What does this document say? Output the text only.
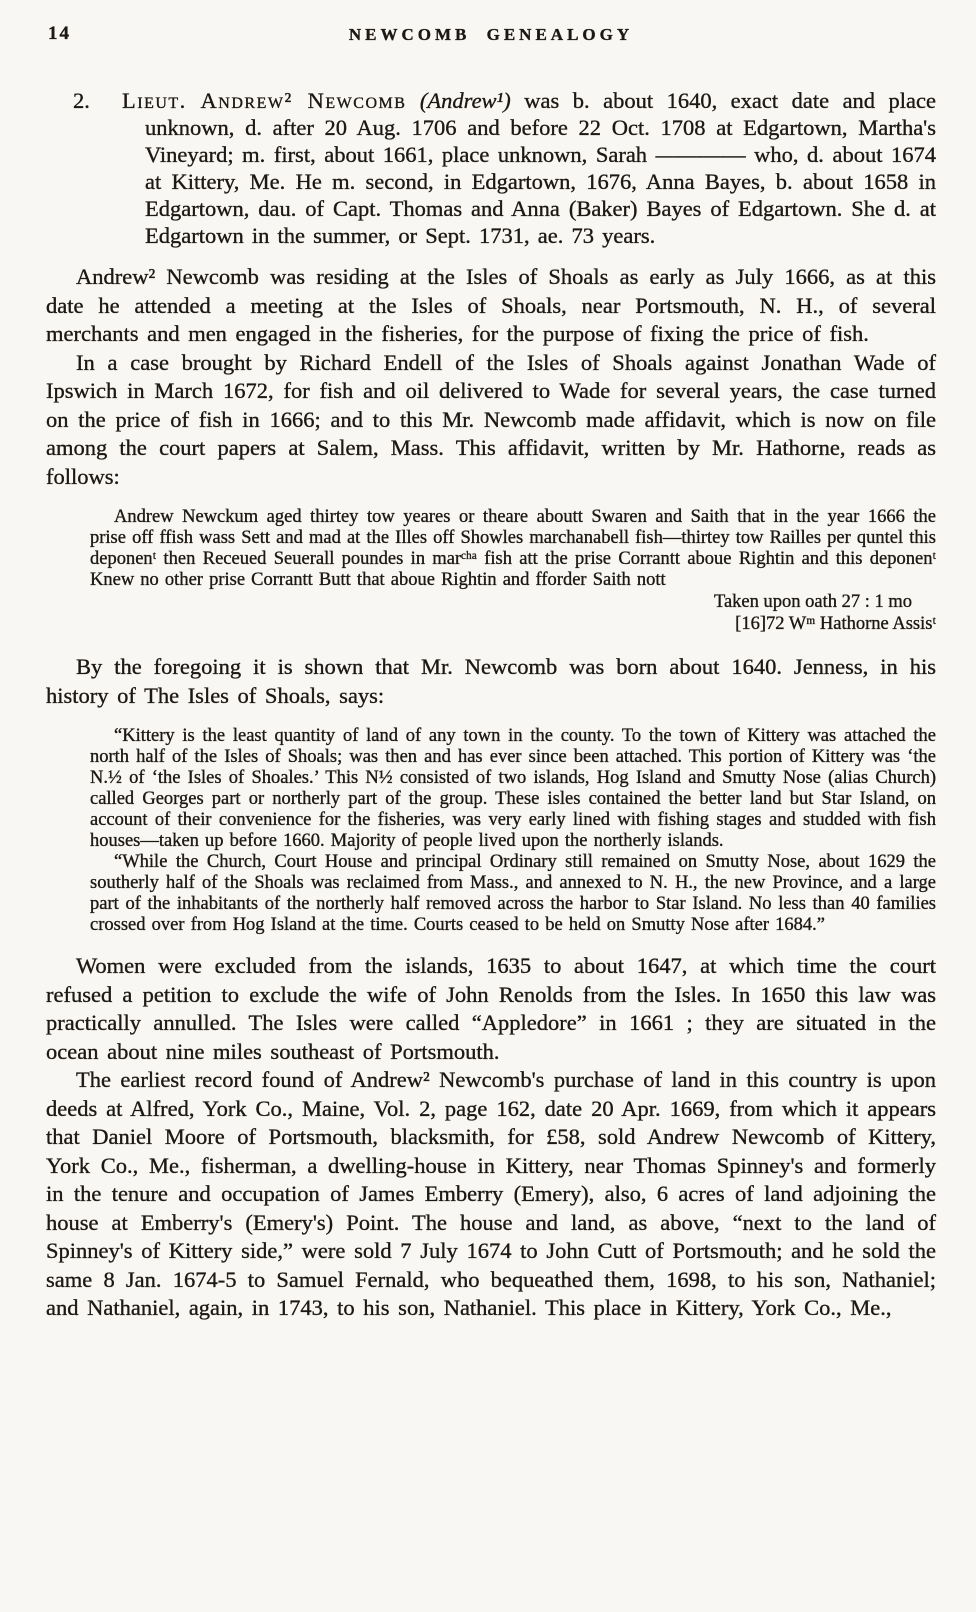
14	NEWCOMB GENEALOGY

2. Lieut. Andrew² Newcomb (Andrew¹) was b. about 1640, exact date and place unknown, d. after 20 Aug. 1706 and before 22 Oct. 1708 at Edgartown, Martha's Vineyard; m. first, about 1661, place unknown, Sarah ———— who, d. about 1674 at Kittery, Me. He m. second, in Edgartown, 1676, Anna Bayes, b. about 1658 in Edgartown, dau. of Capt. Thomas and Anna (Baker) Bayes of Edgartown. She d. at Edgartown in the summer, or Sept. 1731, ae. 73 years.

Andrew² Newcomb was residing at the Isles of Shoals as early as July 1666, as at this date he attended a meeting at the Isles of Shoals, near Portsmouth, N. H., of several merchants and men engaged in the fisheries, for the purpose of fixing the price of fish.

In a case brought by Richard Endell of the Isles of Shoals against Jonathan Wade of Ipswich in March 1672, for fish and oil delivered to Wade for several years, the case turned on the price of fish in 1666; and to this Mr. Newcomb made affidavit, which is now on file among the court papers at Salem, Mass. This affidavit, written by Mr. Hathorne, reads as follows:

Andrew Newckum aged thirtey tow yeares or theare aboutt Swaren and Saith that in the year 1666 the prise off ffish wass Sett and mad at the Illes off Showles marchanabell fish—thirtey tow Railles per quntel this deponenᵗ then Receued Seuerall poundes in marᶜʰᵃ fish att the prise Corrantt aboue Rightin and this deponenᵗ Knew no other prise Corrantt Butt that aboue Rightin and fforder Saith nott
Taken upon oath 27 : 1 mo
[16]72 Wᵐ Hathorne Assisᵗ

By the foregoing it is shown that Mr. Newcomb was born about 1640. Jenness, in his history of The Isles of Shoals, says:

“Kittery is the least quantity of land of any town in the county. To the town of Kittery was attached the north half of the Isles of Shoals; was then and has ever since been attached. This portion of Kittery was ‘the N.½ of ‘the Isles of Shoales.’ This N½ consisted of two islands, Hog Island and Smutty Nose (alias Church) called Georges part or northerly part of the group. These isles contained the better land but Star Island, on account of their convenience for the fisheries, was very early lined with fishing stages and studded with fish houses—taken up before 1660. Majority of people lived upon the northerly islands.
“While the Church, Court House and principal Ordinary still remained on Smutty Nose, about 1629 the southerly half of the Shoals was reclaimed from Mass., and annexed to N. H., the new Province, and a large part of the inhabitants of the northerly half removed across the harbor to Star Island. No less than 40 families crossed over from Hog Island at the time. Courts ceased to be held on Smutty Nose after 1684.”

Women were excluded from the islands, 1635 to about 1647, at which time the court refused a petition to exclude the wife of John Renolds from the Isles. In 1650 this law was practically annulled. The Isles were called “Appledore” in 1661 ; they are situated in the ocean about nine miles southeast of Portsmouth.

The earliest record found of Andrew² Newcomb's purchase of land in this country is upon deeds at Alfred, York Co., Maine, Vol. 2, page 162, date 20 Apr. 1669, from which it appears that Daniel Moore of Portsmouth, blacksmith, for £58, sold Andrew Newcomb of Kittery, York Co., Me., fisherman, a dwelling-house in Kittery, near Thomas Spinney's and formerly in the tenure and occupation of James Emberry (Emery), also, 6 acres of land adjoining the house at Emberry's (Emery's) Point. The house and land, as above, “next to the land of Spinney's of Kittery side,” were sold 7 July 1674 to John Cutt of Portsmouth; and he sold the same 8 Jan. 1674-5 to Samuel Fernald, who bequeathed them, 1698, to his son, Nathaniel; and Nathaniel, again, in 1743, to his son, Nathaniel. This place in Kittery, York Co., Me.,
